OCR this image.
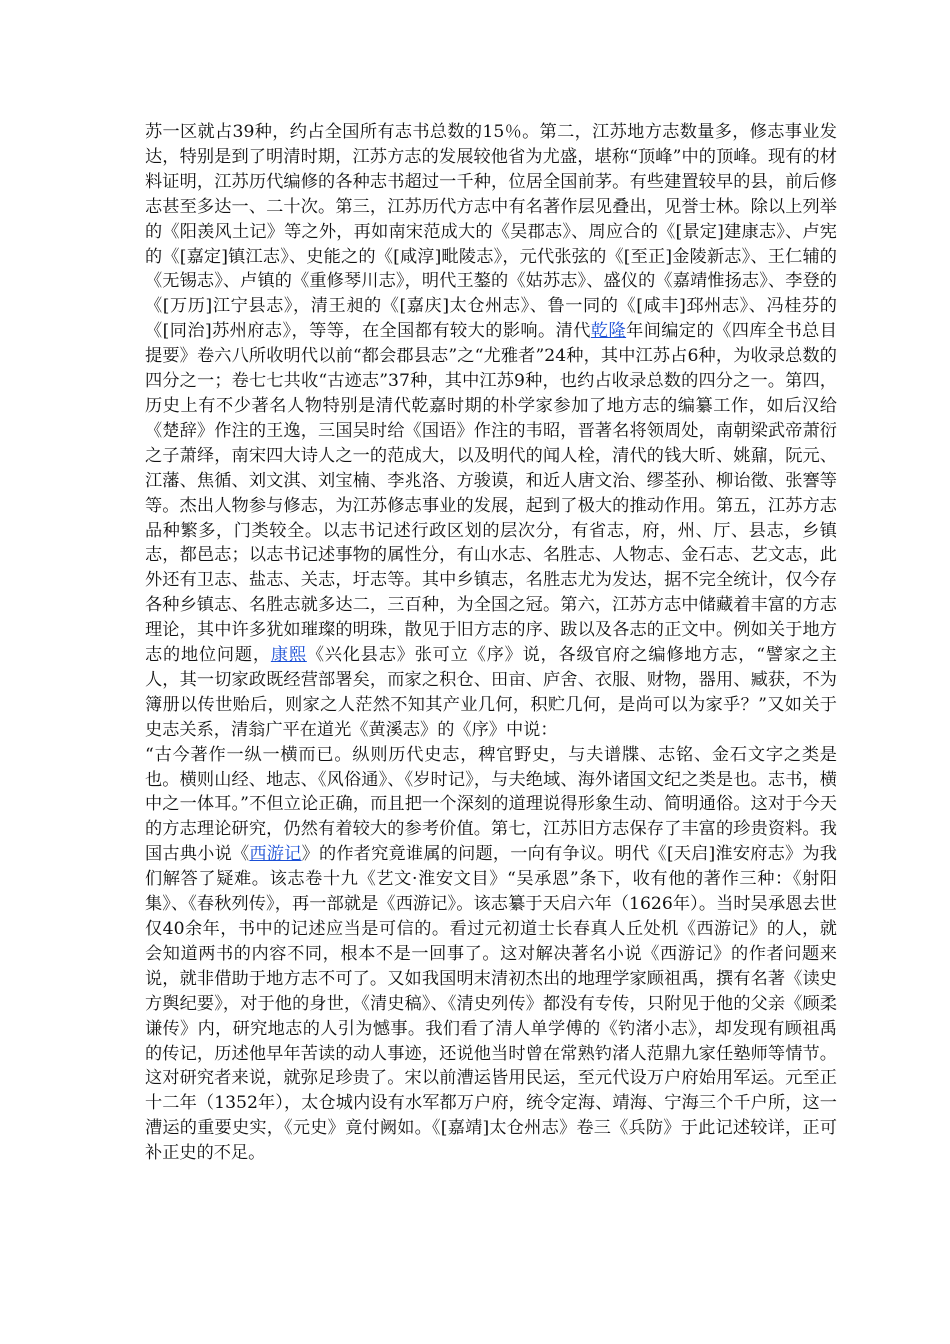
苏一区就占39种，约占全国所有志书总数的15％。第二，江苏地方志数量多，修志事业发达，特别是到了明清时期，江苏方志的发展较他省为尤盛，堪称“顶峰”中的顶峰。现有的材料证明，江苏历代编修的各种志书超过一千种，位居全国前茅。有些建置较早的县，前后修志甚至多达一、二十次。第三，江苏历代方志中有名著作层见叠出，见誉士林。除以上列举的《阳羡风土记》等之外，再如南宋范成大的《吴郡志》、周应合的《[景定]建康志》、卢宪的《[嘉定]镇江志》、史能之的《[咸淳]毗陵志》，元代张弦的《[至正]金陵新志》、王仁辅的《无锡志》、卢镇的《重修琴川志》，明代王鏊的《姑苏志》、盛仪的《嘉靖惟扬志》、李登的《[万历]江宁县志》，清王昶的《[嘉庆]太仓州志》、鲁一同的《[咸丰]邳州志》、冯桂芬的《[同治]苏州府志》，等等，在全国都有较大的影响。清代乾隆年间编定的《四库全书总目提要》卷六八所收明代以前“都会郡县志”之“尤雅者”24种，其中江苏占6种，为收录总数的四分之一；卷七七共收“古迹志”37种，其中江苏9种，也约占收录总数的四分之一。第四，历史上有不少著名人物特别是清代乾嘉时期的朴学家参加了地方志的编纂工作，如后汉给《楚辞》作注的王逸，三国吴时给《国语》作注的韦昭，晋著名将领周处，南朝梁武帝萧衍之子萧绎，南宋四大诗人之一的范成大，以及明代的闻人栓，清代的钱大昕、姚鼐，阮元、江藩、焦循、刘文淇、刘宝楠、李兆洛、方骏谟，和近人唐文治、缪荃孙、柳诒徵、张謇等等。杰出人物参与修志，为江苏修志事业的发展，起到了极大的推动作用。第五，江苏方志品种繁多，门类较全。以志书记述行政区划的层次分，有省志，府，州、厅、县志，乡镇志，都邑志；以志书记述事物的属性分，有山水志、名胜志、人物志、金石志、艺文志，此外还有卫志、盐志、关志，圩志等。其中乡镇志，名胜志尤为发达，据不完全统计，仅今存各种乡镇志、名胜志就多达二，三百种，为全国之冠。第六，江苏方志中储藏着丰富的方志理论，其中许多犹如璀璨的明珠，散见于旧方志的序、跋以及各志的正文中。例如关于地方志的地位问题，康熙《兴化县志》张可立《序》说，各级官府之编修地方志，“譬家之主人，其一切家政既经营部署矣，而家之积仓、田亩、庐舍、衣服、财物，器用、臧获，不为簿册以传世贻后，则家之人茫然不知其产业几何，积贮几何，是尚可以为家乎？”又如关于史志关系，清翁广平在道光《黄溪志》的《序》中说：

“古今著作一纵一横而已。纵则历代史志，稗官野史，与夫谱牒、志铭、金石文字之类是也。横则山经、地志、《风俗通》、《岁时记》，与夫绝域、海外诸国文纪之类是也。志书，横中之一体耳。”不但立论正确，而且把一个深刻的道理说得形象生动、简明通俗。这对于今天的方志理论研究，仍然有着较大的参考价值。第七，江苏旧方志保存了丰富的珍贵资料。我国古典小说《西游记》的作者究竟谁属的问题，一向有争议。明代《[天启]淮安府志》为我们解答了疑难。该志卷十九《艺文·淮安文目》“吴承恩”条下，收有他的著作三种：《射阳集》、《春秋列传》，再一部就是《西游记》。该志纂于天启六年（1626年）。当时吴承恩去世仅40余年，书中的记述应当是可信的。看过元初道士长春真人丘处机《西游记》的人，就会知道两书的内容不同，根本不是一回事了。这对解决著名小说《西游记》的作者问题来说，就非借助于地方志不可了。又如我国明末清初杰出的地理学家顾祖禹，撰有名著《读史方舆纪要》，对于他的身世，《清史稿》、《清史列传》都没有专传，只附见于他的父亲《顾柔谦传》内，研究地志的人引为憾事。我们看了清人单学傅的《钓渚小志》，却发现有顾祖禹的传记，历述他早年苦读的动人事迹，还说他当时曾在常熟钓渚人范鼎九家任塾师等情节。这对研究者来说，就弥足珍贵了。宋以前漕运皆用民运，至元代设万户府始用军运。元至正十二年（1352年），太仓城内设有水军都万户府，统令定海、靖海、宁海三个千户所，这一漕运的重要史实，《元史》竟付阙如。《[嘉靖]太仓州志》卷三《兵防》于此记述较详，正可补正史的不足。
